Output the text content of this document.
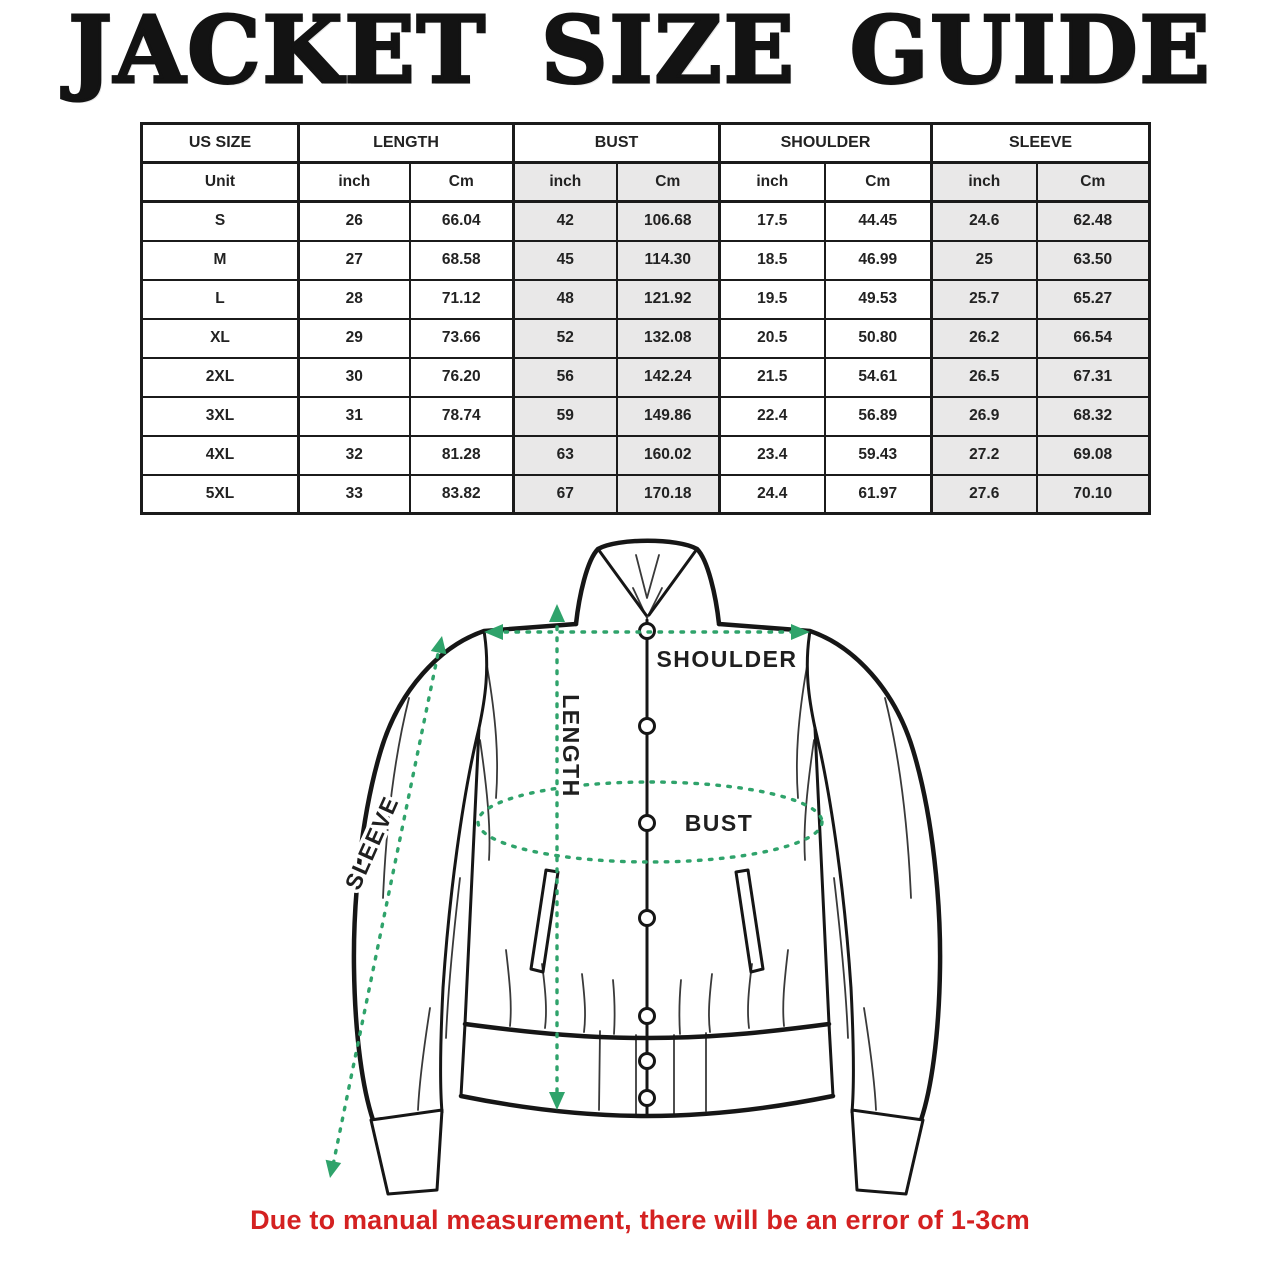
JACKET SIZE GUIDE
US SIZE	LENGTH		BUST		SHOULDER		SLEEVE	
Unit	inch	Cm	inch	Cm	inch	Cm	inch	Cm
S	26	66.04	42	106.68	17.5	44.45	24.6	62.48
M	27	68.58	45	114.30	18.5	46.99	25	63.50
L	28	71.12	48	121.92	19.5	49.53	25.7	65.27
XL	29	73.66	52	132.08	20.5	50.80	26.2	66.54
2XL	30	76.20	56	142.24	21.5	54.61	26.5	67.31
3XL	31	78.74	59	149.86	22.4	56.89	26.9	68.32
4XL	32	81.28	63	160.02	23.4	59.43	27.2	69.08
5XL	33	83.82	67	170.18	24.4	61.97	27.6	70.10
SHOULDER
LENGTH
BUST
SLEEVE
Due to manual measurement, there will be an error of 1-3cm
